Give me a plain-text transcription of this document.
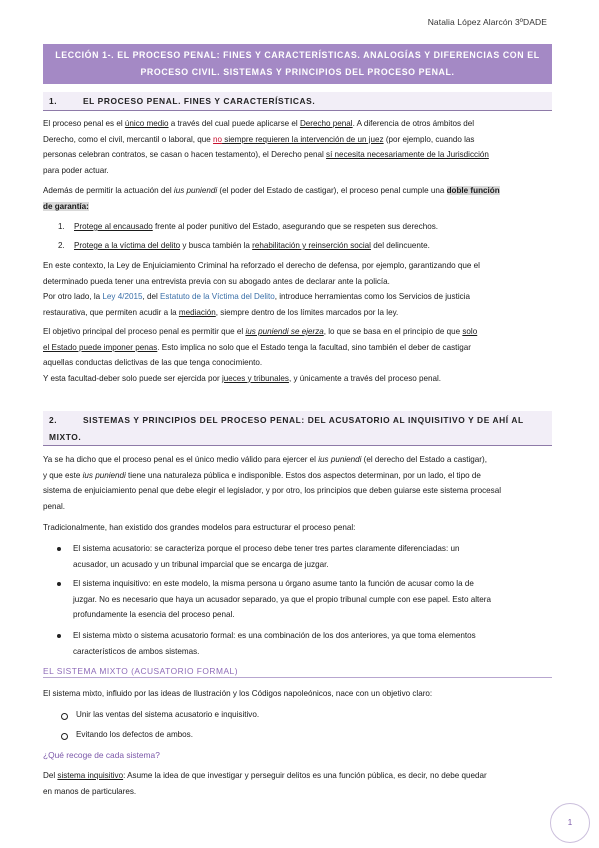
Natalia López Alarcón 3ºDADE
LECCIÓN 1-. EL PROCESO PENAL: FINES Y CARACTERÍSTICAS. ANALOGÍAS Y DIFERENCIAS CON EL
PROCESO CIVIL. SISTEMAS Y PRINCIPIOS DEL PROCESO PENAL.
1.	EL PROCESO PENAL. FINES Y CARACTERÍSTICAS.
El proceso penal es el único medio a través del cual puede aplicarse el Derecho penal. A diferencia de otros ámbitos del
Derecho, como el civil, mercantil o laboral, que no siempre requieren la intervención de un juez (por ejemplo, cuando las
personas celebran contratos, se casan o hacen testamento), el Derecho penal sí necesita necesariamente de la Jurisdicción
para poder actuar.
Además de permitir la actuación del ius puniendi (el poder del Estado de castigar), el proceso penal cumple una doble función
de garantía:
1. Protege al encausado frente al poder punitivo del Estado, asegurando que se respeten sus derechos.
2. Protege a la víctima del delito y busca también la rehabilitación y reinserción social del delincuente.
En este contexto, la Ley de Enjuiciamiento Criminal ha reforzado el derecho de defensa, por ejemplo, garantizando que el
determinado pueda tener una entrevista previa con su abogado antes de declarar ante la policía.
Por otro lado, la Ley 4/2015, del Estatuto de la Víctima del Delito, introduce herramientas como los Servicios de justicia
restaurativa, que permiten acudir a la mediación, siempre dentro de los límites marcados por la ley.
El objetivo principal del proceso penal es permitir que el ius puniendi se ejerza, lo que se basa en el principio de que solo
el Estado puede imponer penas. Esto implica no solo que el Estado tenga la facultad, sino también el deber de castigar
aquellas conductas delictivas de las que tenga conocimiento.
Y esta facultad-deber solo puede ser ejercida por jueces y tribunales, y únicamente a través del proceso penal.
2.	SISTEMAS Y PRINCIPIOS DEL PROCESO PENAL: DEL ACUSATORIO AL INQUISITIVO Y DE AHÍ AL
MIXTO.
Ya se ha dicho que el proceso penal es el único medio válido para ejercer el ius puniendi (el derecho del Estado a castigar),
y que este ius puniendi tiene una naturaleza pública e indisponible. Estos dos aspectos determinan, por un lado, el tipo de
sistema de enjuiciamiento penal que debe elegir el legislador, y por otro, los principios que deben guiarse este sistema procesal
penal.
Tradicionalmente, han existido dos grandes modelos para estructurar el proceso penal:
El sistema acusatorio: se caracteriza porque el proceso debe tener tres partes claramente diferenciadas: un
acusador, un acusado y un tribunal imparcial que se encarga de juzgar.
El sistema inquisitivo: en este modelo, la misma persona u órgano asume tanto la función de acusar como la de
juzgar. No es necesario que haya un acusador separado, ya que el propio tribunal cumple con ese papel. Esto altera
profundamente la esencia del proceso penal.
El sistema mixto o sistema acusatorio formal: es una combinación de los dos anteriores, ya que toma elementos
característicos de ambos sistemas.
EL SISTEMA MIXTO (ACUSATORIO FORMAL)
El sistema mixto, influido por las ideas de Ilustración y los Códigos napoleónicos, nace con un objetivo claro:
Unir las ventas del sistema acusatorio e inquisitivo.
Evitando los defectos de ambos.
¿Qué recoge de cada sistema?
Del sistema inquisitivo: Asume la idea de que investigar y perseguir delitos es una función pública, es decir, no debe quedar
en manos de particulares.
1
